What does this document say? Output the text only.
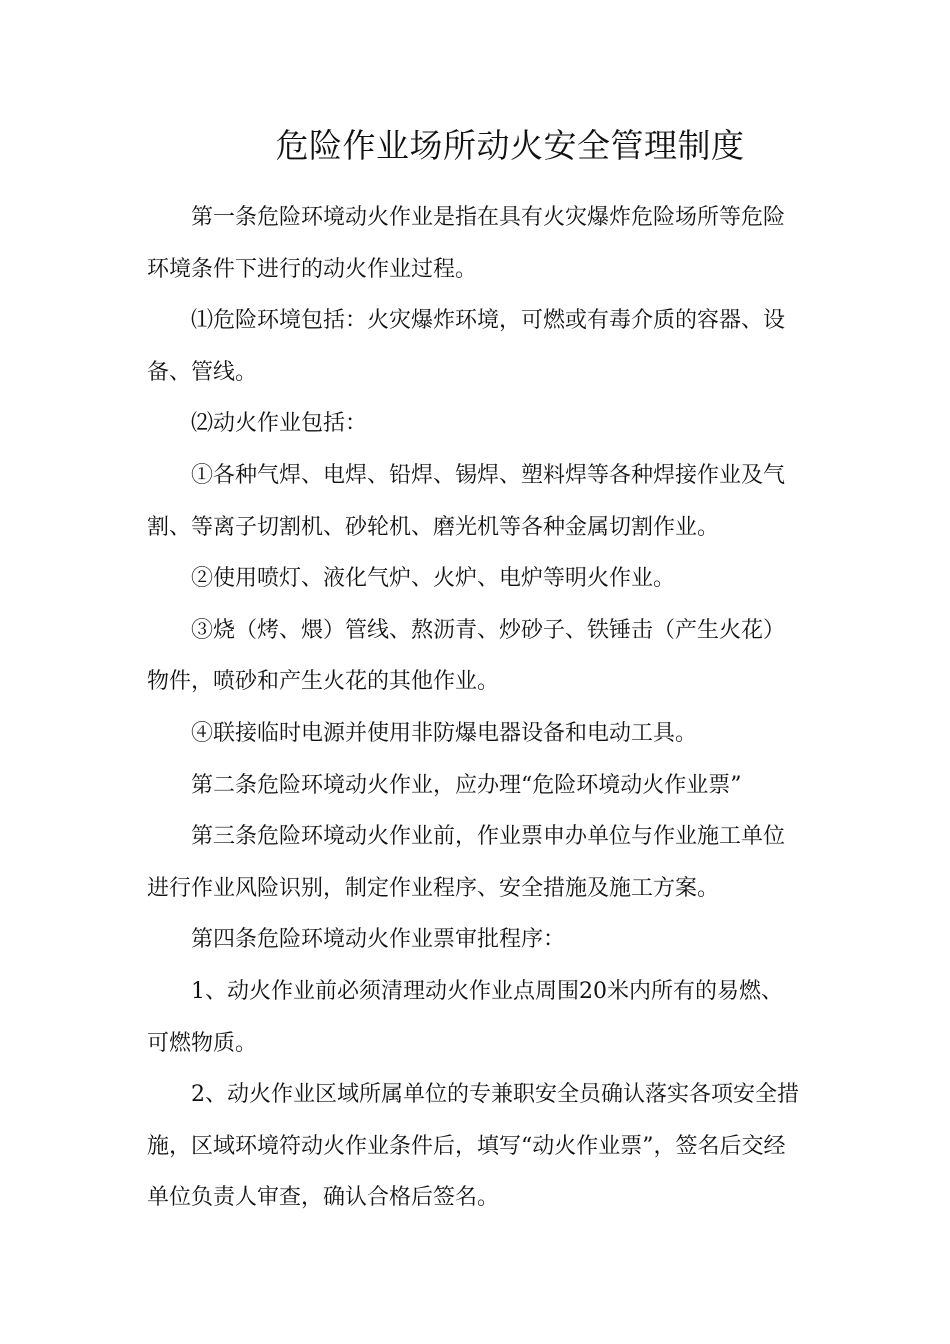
危险作业场所动火安全管理制度

第一条危险环境动火作业是指在具有火灾爆炸危险场所等危险
环境条件下进行的动火作业过程。

⑴危险环境包括：火灾爆炸环境，可燃或有毒介质的容器、设
备、管线。

⑵动火作业包括：

①各种气焊、电焊、铅焊、锡焊、塑料焊等各种焊接作业及气
割、等离子切割机、砂轮机、磨光机等各种金属切割作业。

②使用喷灯、液化气炉、火炉、电炉等明火作业。

③烧（烤、煨）管线、熬沥青、炒砂子、铁锤击（产生火花）
物件，喷砂和产生火花的其他作业。

④联接临时电源并使用非防爆电器设备和电动工具。

第二条危险环境动火作业，应办理“危险环境动火作业票”

第三条危险环境动火作业前，作业票申办单位与作业施工单位
进行作业风险识别，制定作业程序、安全措施及施工方案。

第四条危险环境动火作业票审批程序：

1、动火作业前必须清理动火作业点周围20米内所有的易燃、
可燃物质。

2、动火作业区域所属单位的专兼职安全员确认落实各项安全措
施，区域环境符动火作业条件后，填写“动火作业票”，签名后交经
单位负责人审查，确认合格后签名。
